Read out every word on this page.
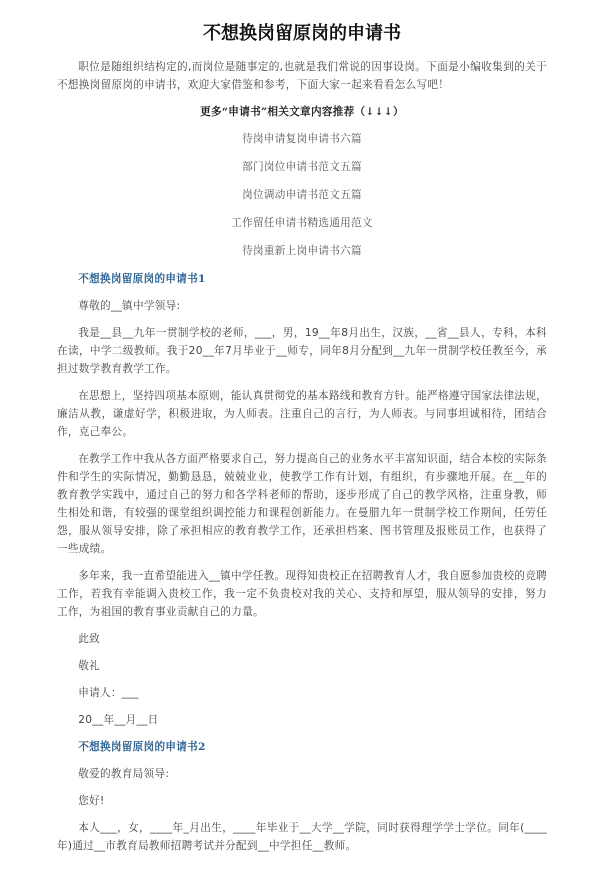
不想换岗留原岗的申请书
职位是随组织结构定的,而岗位是随事定的,也就是我们常说的因事设岗。下面是小编收集到的关于不想换岗留原岗的申请书，欢迎大家借鉴和参考，下面大家一起来看看怎么写吧！
更多“申请书”相关文章内容推荐（↓↓↓）
待岗申请复岗申请书六篇
部门岗位申请书范文五篇
岗位调动申请书范文五篇
工作留任申请书精选通用范文
待岗重新上岗申请书六篇
不想换岗留原岗的申请书1
尊敬的__镇中学领导:
我是__县__九年一贯制学校的老师，___，男，19__年8月出生，汉族，__省__县人，专科，本科在读，中学二级教师。我于20__年7月毕业于__师专，同年8月分配到__九年一贯制学校任教至今，承担过数学教育教学工作。
在思想上，坚持四项基本原则，能认真贯彻党的基本路线和教育方针。能严格遵守国家法律法规，廉洁从教，谦虚好学，积极进取，为人师表。注重自己的言行，为人师表。与同事坦诚相待，团结合作，克己奉公。
在教学工作中我从各方面严格要求自己，努力提高自己的业务水平丰富知识面，结合本校的实际条件和学生的实际情况，勤勤恳恳，兢兢业业，使教学工作有计划，有组织，有步骤地开展。在__年的教育教学实践中，通过自己的努力和各学科老师的帮助，逐步形成了自己的教学风格，注重身教，师生相处和谐，有较强的课堂组织调控能力和课程创新能力。在曼腊九年一贯制学校工作期间，任劳任怨，服从领导安排，除了承担相应的教育教学工作，还承担档案、图书管理及报账员工作，也获得了一些成绩。
多年来，我一直希望能进入__镇中学任教。现得知贵校正在招聘教育人才，我自愿参加贵校的竞聘工作，若我有幸能调入贵校工作，我一定不负贵校对我的关心、支持和厚望，服从领导的安排，努力工作，为祖国的教育事业贡献自己的力量。
此致
敬礼
申请人：___
20__年__月__日
不想换岗留原岗的申请书2
敬爱的教育局领导:
您好!
本人___，女，____年_月出生，____年毕业于__大学__学院，同时获得理学学士学位。同年(____年)通过__市教育局教师招聘考试并分配到__中学担任__教师。
